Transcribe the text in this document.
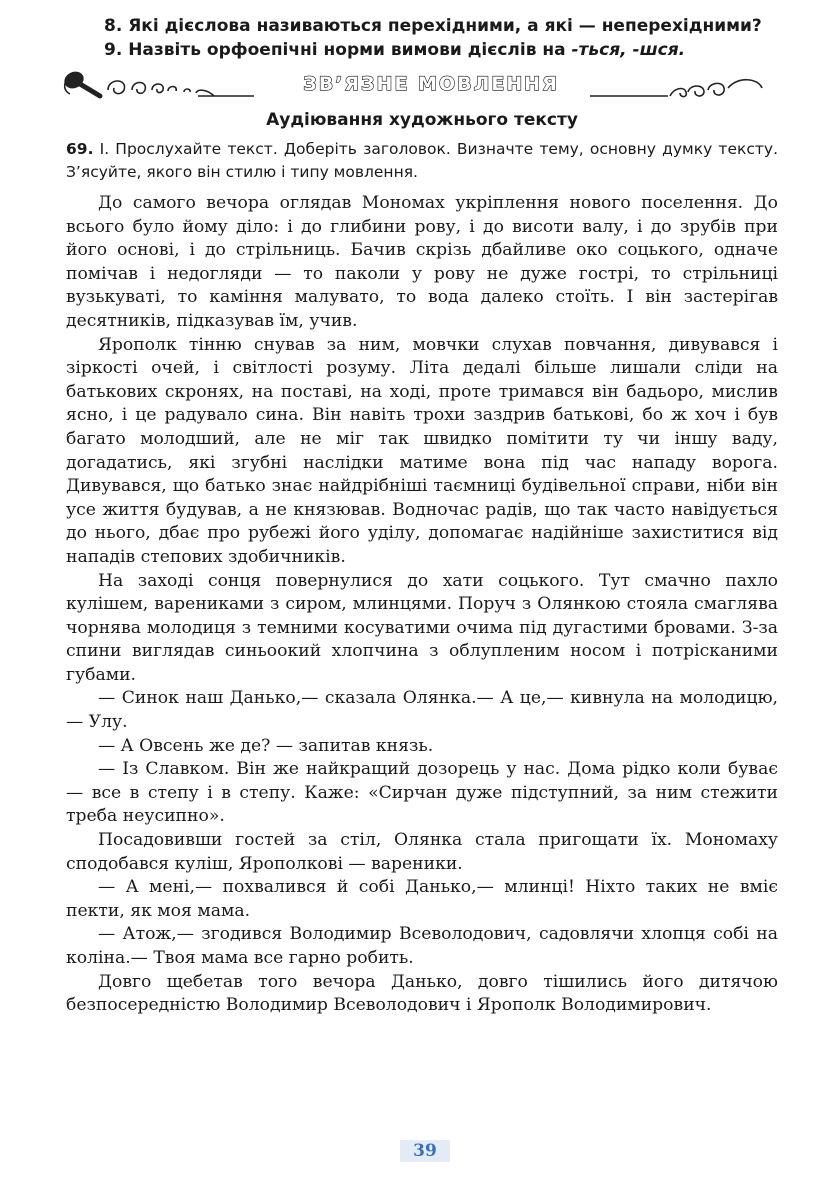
8. Які дієслова називаються перехідними, а які — неперехідними?

9. Назвіть орфоепічні норми вимови дієслів на -ться, -шся.

ЗВ’ЯЗНЕ МОВЛЕННЯ
Аудіювання художнього тексту

69. І. Прослухайте текст. Доберіть заголовок. Визначте тему, основну думку тексту. З’ясуйте, якого він стилю і типу мовлення.

До самого вечора оглядав Мономах укріплення нового поселення. До всього було йому діло: і до глибини рову, і до висоти валу, і до зрубів при його основі, і до стрільниць. Бачив скрізь дбайливе око соцького, одначе помічав і недогляди — то паколи у рову не дуже гострі, то стрільниці вузькуваті, то каміння малувато, то вода далеко стоїть. І він застерігав десятників, підказував їм, учив.

Ярополк тінню снував за ним, мовчки слухав повчання, дивувався і зіркості очей, і світлості розуму. Літа дедалі більше лишали сліди на батькових скронях, на поставі, на ході, проте тримався він бадьоро, мислив ясно, і це радувало сина. Він навіть трохи заздрив батькові, бо ж хоч і був багато молодший, але не міг так швидко помітити ту чи іншу ваду, догадатись, які згубні наслідки матиме вона під час нападу ворога. Дивувався, що батько знає найдрібніші таємниці будівельної справи, ніби він усе життя будував, а не князював. Водночас радів, що так часто навідується до нього, дбає про рубежі його уділу, допомагає надійніше захиститися від нападів степових здобичників.

На заході сонця повернулися до хати соцького. Тут смачно пахло кулішем, варениками з сиром, млинцями. Поруч з Олянкою стояла смаглява чорнява молодиця з темними косуватими очима під дугастими бровами. З-за спини виглядав синьоокий хлопчина з облупленим носом і потрісканими губами.

— Синок наш Данько,— сказала Олянка.— А це,— кивнула на молодицю,— Улу.

— А Овсень же де? — запитав князь.

— Із Славком. Він же найкращий дозорець у нас. Дома рідко коли буває — все в степу і в степу. Каже: «Сирчан дуже підступний, за ним стежити треба неусипно».

Посадовивши гостей за стіл, Олянка стала пригощати їх. Мономаху сподобався куліш, Ярополкові — вареники.

— А мені,— похвалився й собі Данько,— млинці! Ніхто таких не вміє пекти, як моя мама.

— Атож,— згодився Володимир Всеволодович, садовлячи хлопця собі на коліна.— Твоя мама все гарно робить.

Довго щебетав того вечора Данько, довго тішились його дитячою безпосередністю Володимир Всеволодович і Ярополк Володимирович.

39
